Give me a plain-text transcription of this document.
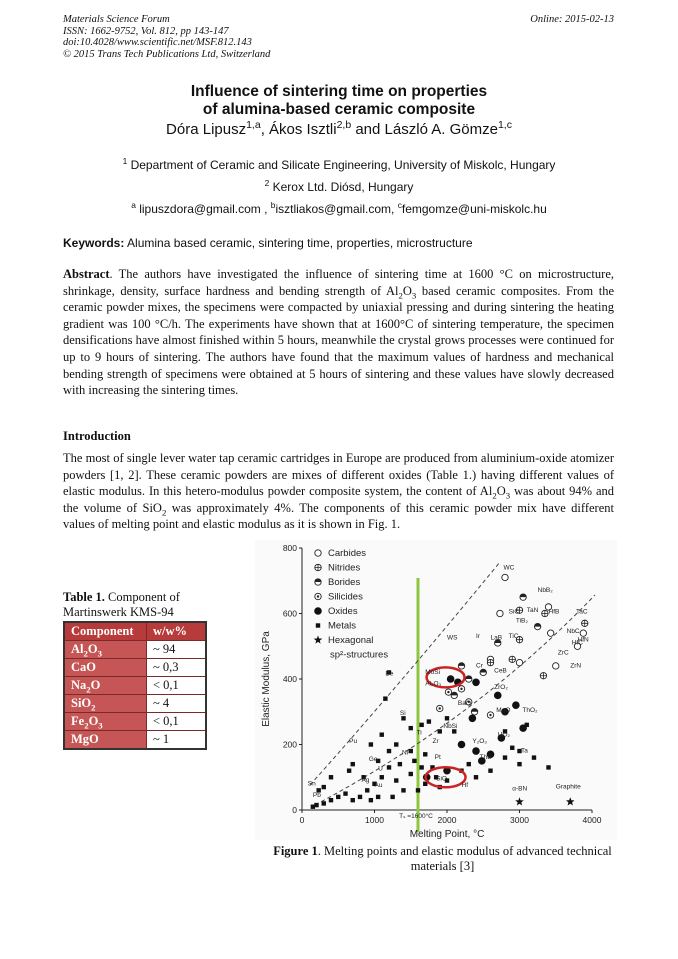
Materials Science Forum
ISSN: 1662-9752, Vol. 812, pp 143-147
doi:10.4028/www.scientific.net/MSF.812.143
© 2015 Trans Tech Publications Ltd, Switzerland
Online: 2015-02-13
Influence of sintering time on properties
of alumina-based ceramic composite
Dóra Lipusz$^{1,a}$, Ákos Isztli$^{2,b}$ and László A. Gömze$^{1,c}$
$^1$ Department of Ceramic and Silicate Engineering, University of Miskolc, Hungary
$^2$ Kerox Ltd. Diósd, Hungary
$^a$ lipuszdora@gmail.com , $^b$isztliakos@gmail.com, $^c$femgomze@uni-miskolc.hu
Keywords: Alumina based ceramic, sintering time, properties, microstructure

Abstract. The authors have investigated the influence of sintering time at 1600 °C on microstructure, shrinkage, density, surface hardness and bending strength of $Al_2O_3$ based ceramic composites. From the ceramic powder mixes, the specimens were compacted by uniaxial pressing and during sintering the heating gradient was 100 °C/h. The experiments have shown that at 1600°C of sintering temperature, the specimen densifications have almost finished within 5 hours, meanwhile the crystal grows processes were continued for up to 9 hours of sintering. The authors have found that the maximum values of hardness and mechanical bending strength of specimens were obtained at 5 hours of sintering and these values have slowly decreased with increasing the sintering times.

Introduction

The most of single lever water tap ceramic cartridges in Europe are produced from aluminium-oxide atomizer powders [1, 2]. These ceramic powders are mixes of different oxides (Table 1.) having different values of elastic modulus. In this hetero-modulus powder composite system, the content of $Al_2O_3$ was about 94% and the volume of SiO$_2$ was approximately 4%. The components of this ceramic powder mix have different values of melting point and elastic modulus as it is shown in Fig. 1.

Table 1. Component of Martinswerk KMS-94
Component	w/w%
$Al_2O_3$	~ 94
CaO	~ 0,3
$Na_2O$	< 0,1
SiO$_2$	~ 4
$Fe_2O_3$	< 0,1
MgO	~ 1
WC
NbB₂
TaN
SiC	HfB	TaC
TiB₂
NbC
HfN
MoSi
LaB TiC
Cr
WS	Ir
ZrC
ZrN
HfC
Al₂O₃
CeB
Be
Si
ZrO₂
ThO₂
SiO₂
Pt
Hf	α-BN	Graphite
Pu
Ge
U
Sn
Pb
Ag
Au
Ti
Ni
Zr
Ta
Y₂O₃
UO₂
MgO
BaO
ThB
NbSi
Carbides
Nitrides
Borides
Silicides
Oxides
Metals
Hexagonal
sp²-structures
0	1000	2000	3000	4000
0
200
400
600
800
Melting Point, °C
Elastic Modulus, GPa
Tₛ =1600°C
Figure 1. Melting points and elastic modulus of advanced technical materials [3]
